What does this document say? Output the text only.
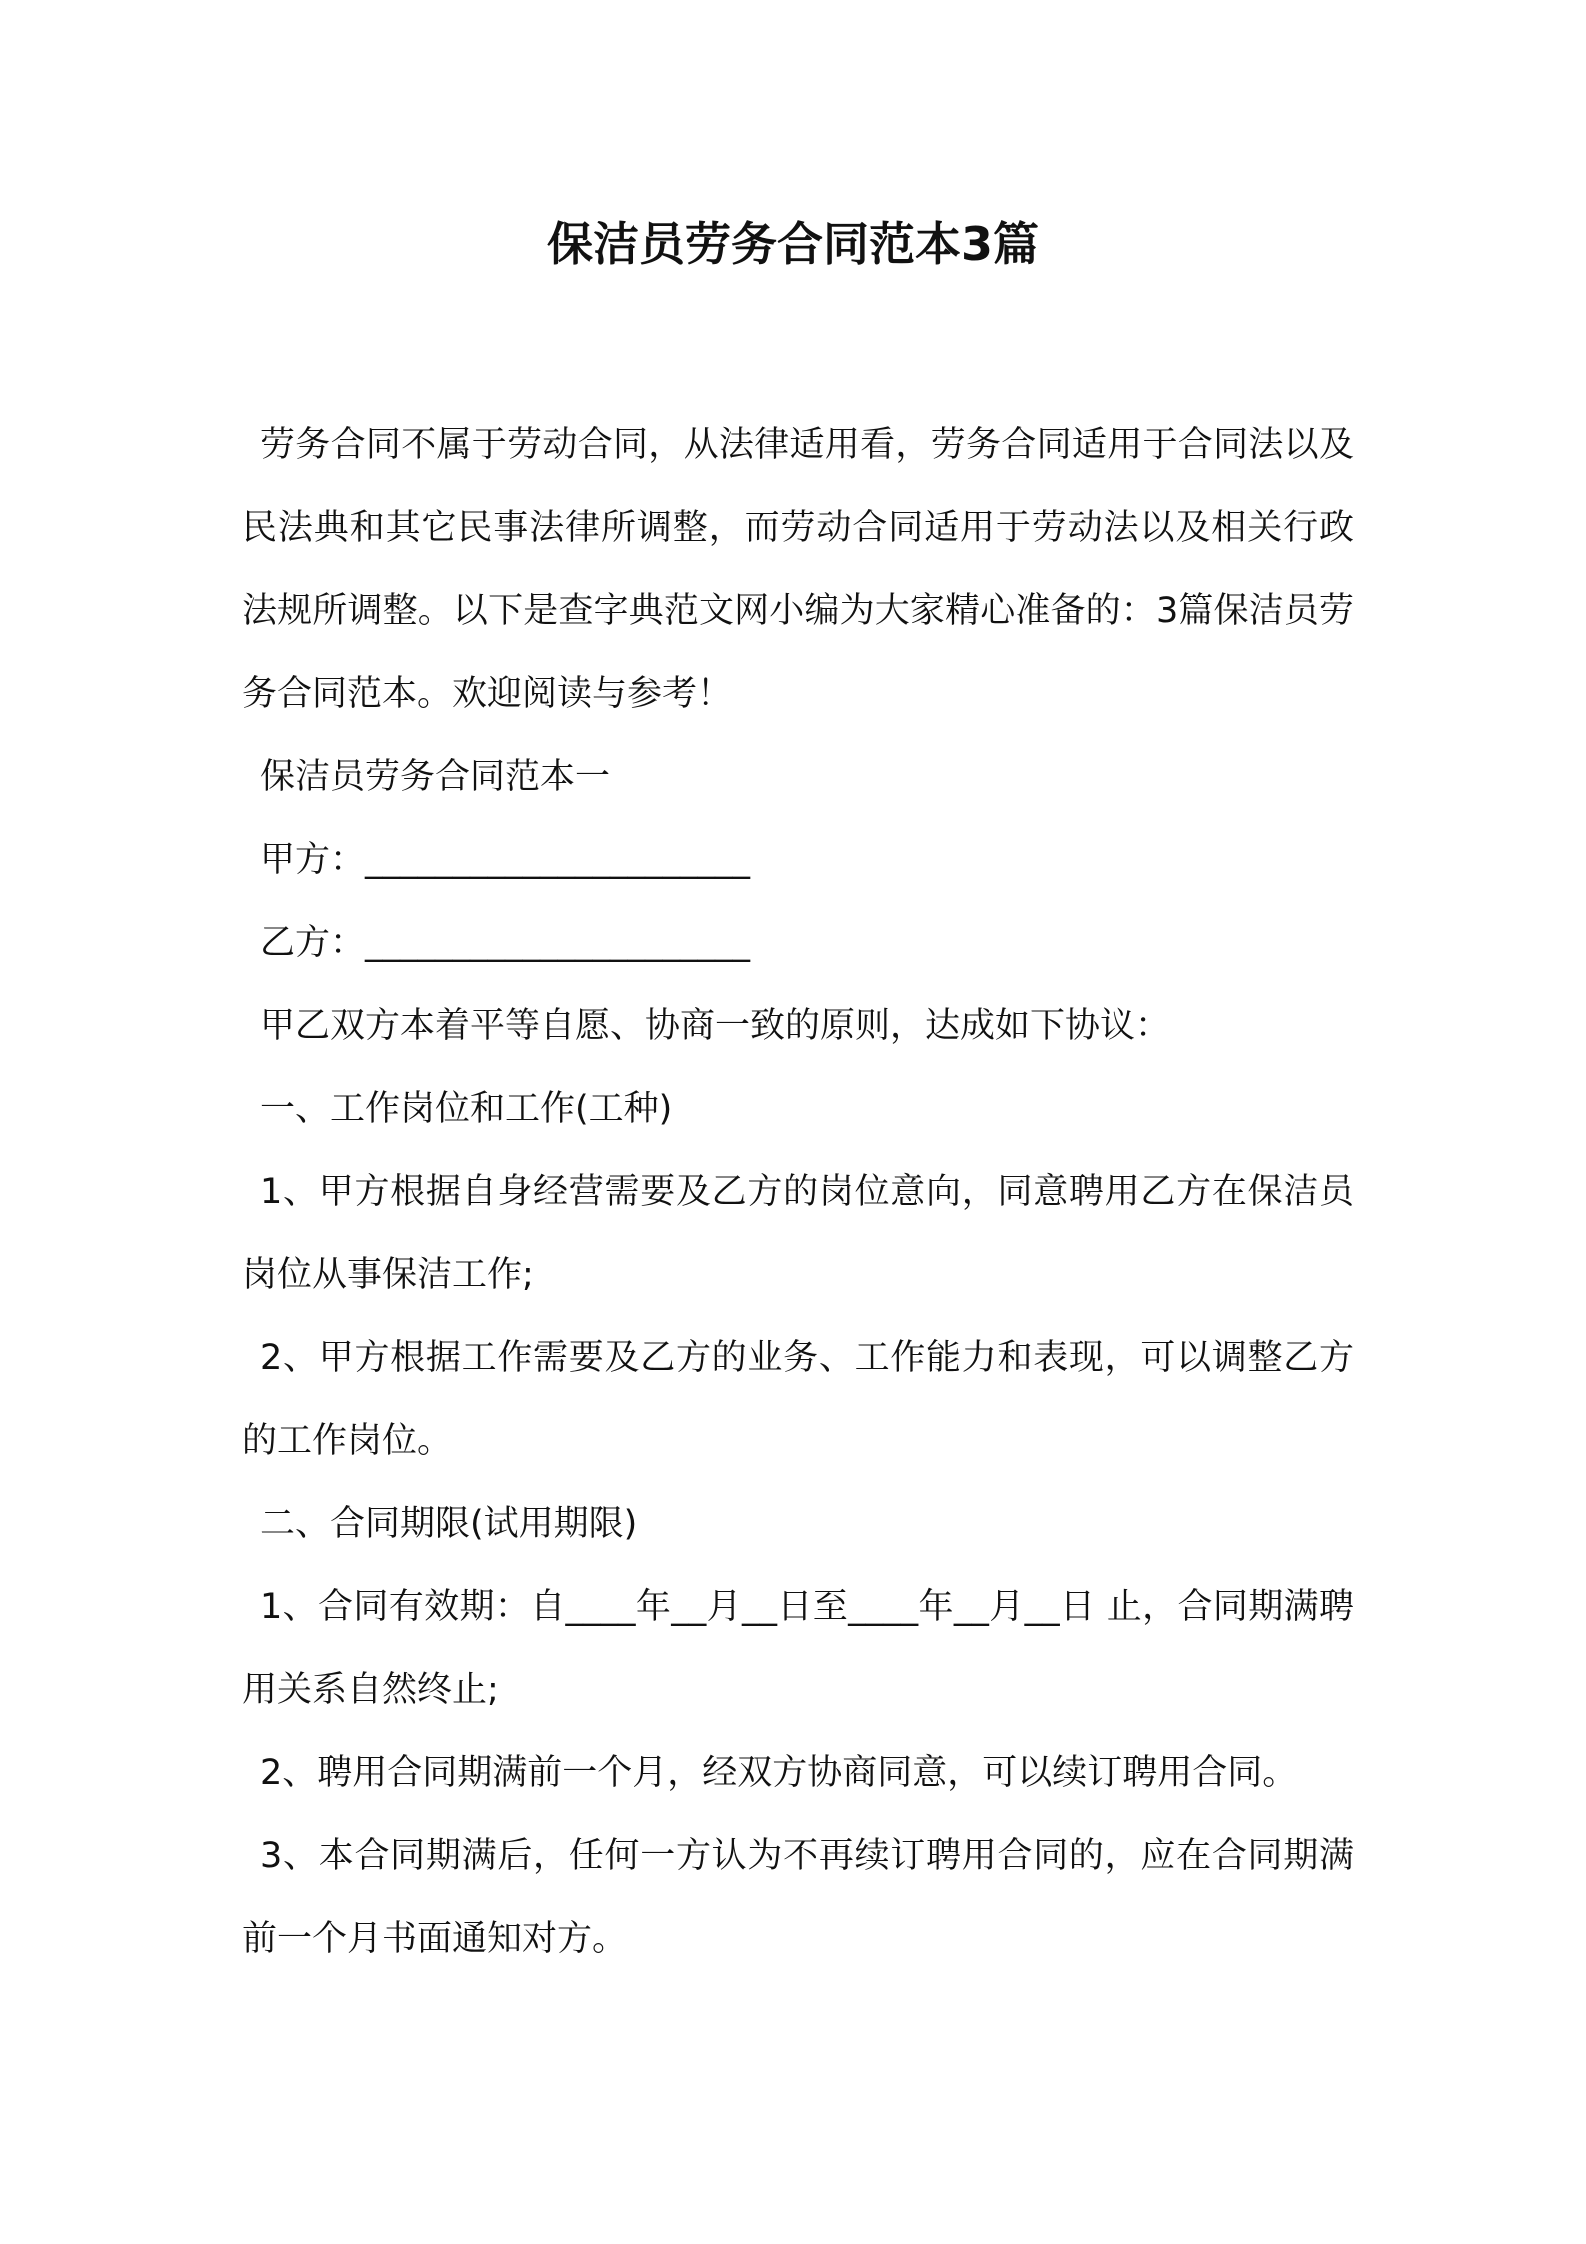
保洁员劳务合同范本3篇

劳务合同不属于劳动合同，从法律适用看，劳务合同适用于合同法以及民法典和其它民事法律所调整，而劳动合同适用于劳动法以及相关行政法规所调整。以下是查字典范文网小编为大家精心准备的：3篇保洁员劳务合同范本。欢迎阅读与参考！

保洁员劳务合同范本一

甲方：______________________

乙方：______________________

甲乙双方本着平等自愿、协商一致的原则，达成如下协议：

一、工作岗位和工作(工种)

1、甲方根据自身经营需要及乙方的岗位意向，同意聘用乙方在保洁员岗位从事保洁工作;

2、甲方根据工作需要及乙方的业务、工作能力和表现，可以调整乙方的工作岗位。

二、合同期限(试用期限)

1、合同有效期：自____年__月__日至____年__月__日 止，合同期满聘用关系自然终止;

2、聘用合同期满前一个月，经双方协商同意，可以续订聘用合同。

3、本合同期满后，任何一方认为不再续订聘用合同的，应在合同期满前一个月书面通知对方。
